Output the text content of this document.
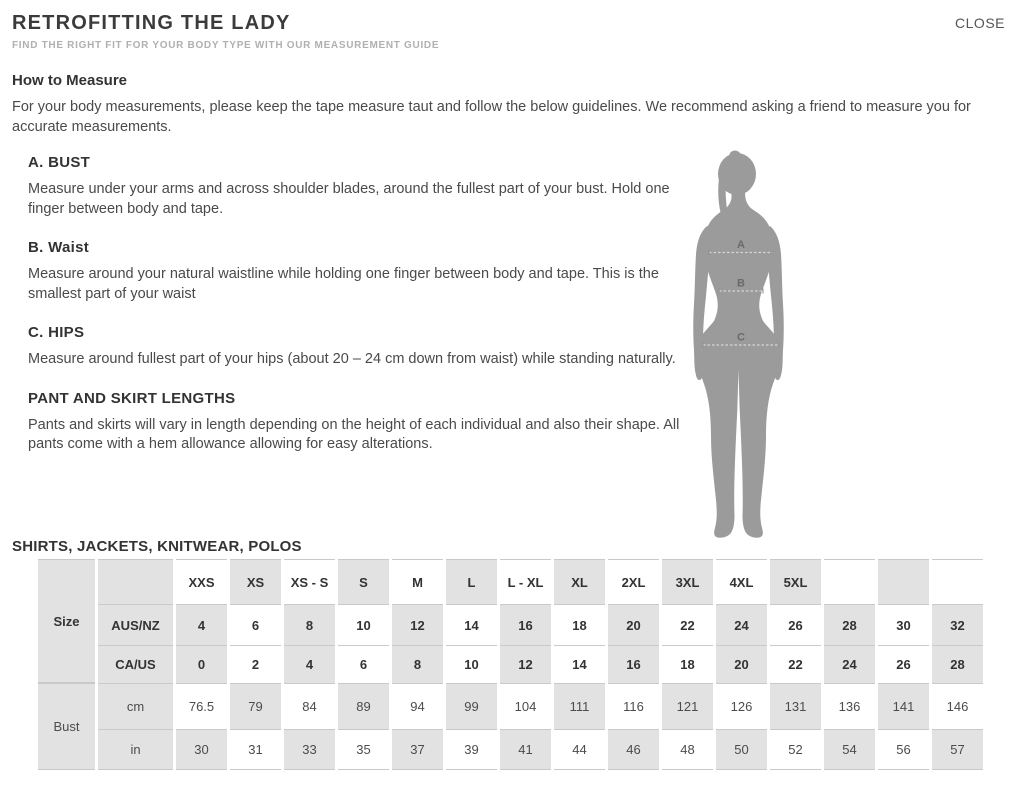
RETROFITTING THE LADY
FIND THE RIGHT FIT FOR YOUR BODY TYPE WITH OUR MEASUREMENT GUIDE
CLOSE
How to Measure

For your body measurements, please keep the tape measure taut and follow the below guidelines. We recommend asking a friend to measure you for accurate measurements.

A. BUST

Measure under your arms and across shoulder blades, around the fullest part of your bust. Hold one finger between body and tape.

B. Waist

Measure around your natural waistline while holding one finger between body and tape. This is the smallest part of your waist

C. HIPS

Measure around fullest part of your hips (about 20 – 24 cm down from waist) while standing naturally.

PANT AND SKIRT LENGTHS

Pants and skirts will vary in length depending on the height of each individual and also their shape. All pants come with a hem allowance allowing for easy alterations.

A
B
C
SHIRTS, JACKETS, KNITWEAR, POLOS
Size		XXS	XS	XS - S	S	M	L	L - XL	XL	2XL	3XL	4XL	5XL			
	AUS/NZ	4	6	8	10	12	14	16	18	20	22	24	26	28	30	32
	CA/US	0	2	4	6	8	10	12	14	16	18	20	22	24	26	28
Bust	cm	76.5	79	84	89	94	99	104	111	116	121	126	131	136	141	146
	in	30	31	33	35	37	39	41	44	46	48	50	52	54	56	57
